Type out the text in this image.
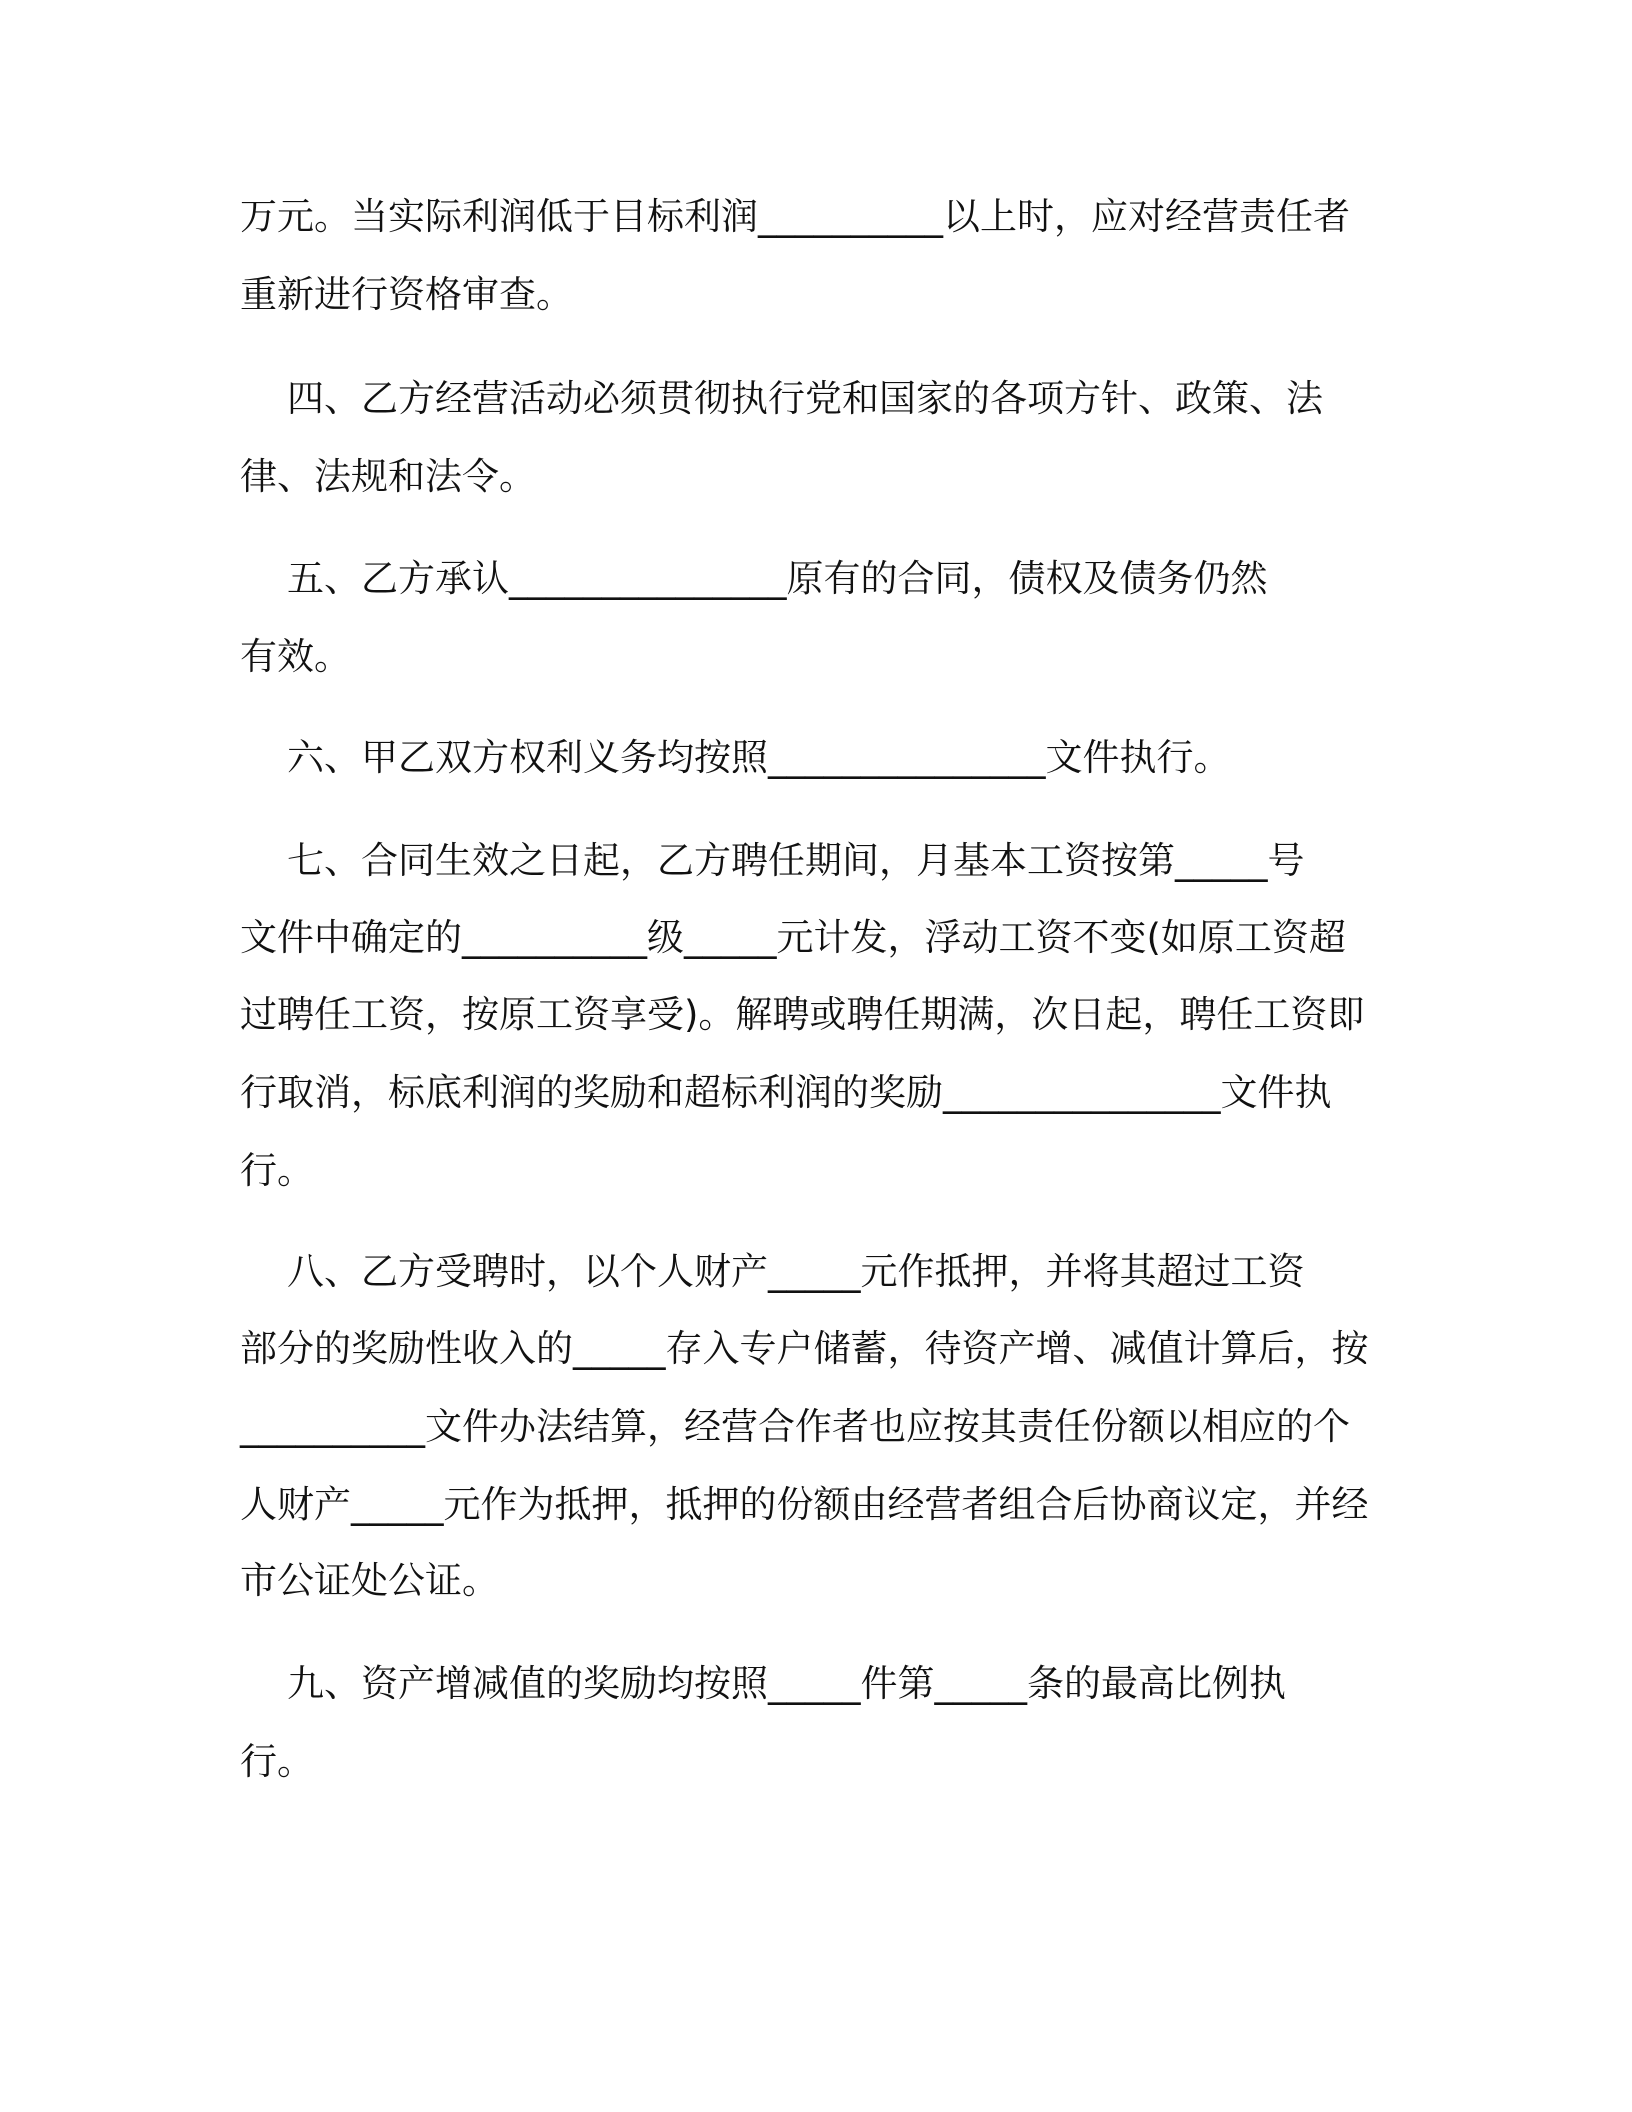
万元。当实际利润低于目标利润__________以上时，应对经营责任者
重新进行资格审查。
四、乙方经营活动必须贯彻执行党和国家的各项方针、政策、法
律、法规和法令。
五、乙方承认_______________原有的合同，债权及债务仍然
有效。
六、甲乙双方权利义务均按照_______________文件执行。
七、合同生效之日起，乙方聘任期间，月基本工资按第_____号
文件中确定的__________级_____元计发，浮动工资不变(如原工资超
过聘任工资，按原工资享受)。解聘或聘任期满，次日起，聘任工资即
行取消，标底利润的奖励和超标利润的奖励_______________文件执
行。
八、乙方受聘时，以个人财产_____元作抵押，并将其超过工资
部分的奖励性收入的_____存入专户储蓄，待资产增、减值计算后，按
__________文件办法结算，经营合作者也应按其责任份额以相应的个
人财产_____元作为抵押，抵押的份额由经营者组合后协商议定，并经
市公证处公证。
九、资产增减值的奖励均按照_____件第_____条的最高比例执
行。
